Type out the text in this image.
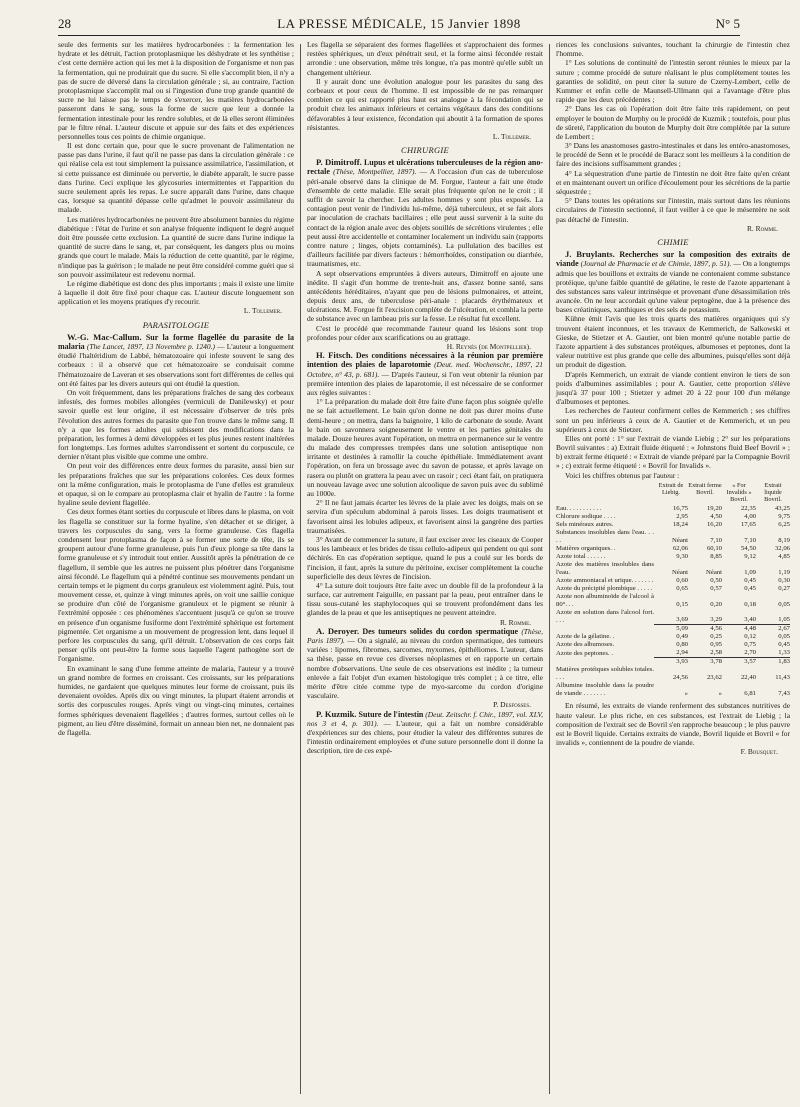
28	LA PRESSE MÉDICALE, 15 Janvier 1898	N° 5

seule des ferments sur les matières hydrocarbonées : la fermentation les hydrate et les détruit, l'action protoplasmique les déshydrate et les synthétise ; c'est cette dernière action qui les met à la disposition de l'organisme et non pas la fermentation, qui ne produirait que du sucre. Si elle s'accomplit bien, il n'y a pas de sucre de déversé dans la circulation générale ; si, au contraire, l'action protoplasmique s'accomplit mal ou si l'ingestion d'une trop grande quantité de sucre ne lui laisse pas le temps de s'exercer, les matières hydrocarbonées passeront dans le sang, sous la forme de sucre que leur a donnée la fermentation intestinale pour les rendre solubles, et de là elles seront éliminées par le filtre rénal. L'auteur discute et appuie sur des faits et des expériences personnelles tous ces points de chimie organique.

Il est donc certain que, pour que le sucre provenant de l'alimentation ne passe pas dans l'urine, il faut qu'il ne passe pas dans la circulation générale : ce qui réalise cela est tout simplement la puissance assimilatrice, l'assimilation, et si cette puissance est diminuée ou pervertie, le diabète apparaît, le sucre passe dans l'urine. Ceci explique les glycosuries intermittentes et l'apparition du sucre seulement après les repas. Le sucre apparaît dans l'urine, dans chaque cas, lorsque sa quantité dépasse celle qu'admet le pouvoir assimilateur du malade.

Les matières hydrocarbonées ne peuvent être absolument bannies du régime diabétique : l'état de l'urine et son analyse fréquente indiquent le degré auquel doit être poussée cette exclusion. La quantité de sucre dans l'urine indique la quantité de sucre dans le sang, et, par conséquent, les dangers plus ou moins grands que court le malade. Mais la réduction de cette quantité, par le régime, n'indique pas la guérison ; le malade ne peut être considéré comme guéri que si son pouvoir assimilateur est redevenu normal.

Le régime diabétique est donc des plus importants ; mais il existe une limite à laquelle il doit être fixé pour chaque cas. L'auteur discute longuement son application et les moyens pratiques d'y recourir.

L. Tollemer.

PARASITOLOGIE

W.-G. Mac-Callum. Sur la forme flagellée du parasite de la malaria (The Lancet, 1897, 13 Novembre p. 1240.) — L'auteur a longuement étudié l'haltéridium de Labbé, hématozoaire qui infeste souvent le sang des corbeaux : il a observé que cet hématozoaire se conduisait comme l'hématozoaire de Laveran et ses observations sont fort différentes de celles qui ont été faites par les divers auteurs qui ont étudié la question.

On voit fréquemment, dans les préparations fraîches de sang des corbeaux infestés, des formes mobiles allongées (vermiculi de Danilewsky) et pour savoir quelle est leur origine, il est nécessaire d'observer de très près l'évolution des autres formes du parasite que l'on trouve dans le même sang. Il n'y a que les formes adultes qui subissent des modifications dans la préparation, les formes à demi développées et les plus jeunes restent inaltérées fort longtemps. Les formes adultes s'arrondissent et sortent du corpuscule, ce dernier n'étant plus visible que comme une ombre.

On peut voir des différences entre deux formes du parasite, aussi bien sur les préparations fraîches que sur les préparations colorées. Ces deux formes ont la même configuration, mais le protoplasma de l'une d'elles est granuleux et opaque, si on le compare au protoplasma clair et hyalin de l'autre : la forme hyaline seule devient flagellée.

Ces deux formes étant sorties du corpuscule et libres dans le plasma, on voit les flagella se constituer sur la forme hyaline, s'en détacher et se diriger, à travers les corpuscules du sang, vers la forme granuleuse. Ces flagella condensent leur protoplasma de façon à se former une sorte de tête, ils se groupent autour d'une forme granuleuse, puis l'un d'eux plonge sa tête dans la forme granuleuse et s'y introduit tout entier. Aussitôt après la pénétration de ce flagellum, il semble que les autres ne puissent plus pénétrer dans l'organisme ainsi fécondé. Le flagellum qui a pénétré continue ses mouvements pendant un certain temps et le pigment du corps granuleux est violemment agité. Puis, tout mouvement cesse, et, quinze à vingt minutes après, on voit une saillie conique se produire d'un côté de l'organisme granuleux et le pigment se réunir à l'extrémité opposée : ces phénomènes s'accentuent jusqu'à ce qu'on se trouve en présence d'un organisme fusiforme dont l'extrémité sphérique est fortement pigmentée. Cet organisme a un mouvement de progression lent, dans lequel il perfore les corpuscules du sang, qu'il détruit. L'observation de ces corps fait penser qu'ils ont peut-être la forme sous laquelle l'agent pathogène sort de l'organisme.

En examinant le sang d'une femme atteinte de malaria, l'auteur y a trouvé un grand nombre de formes en croissant. Ces croissants, sur les préparations humides, ne gardaient que quelques minutes leur forme de croissant, puis ils devenaient ovoïdes. Après dix ou vingt minutes, la plupart étaient arrondis et sortis des corpuscules rouges. Après vingt ou vingt-cinq minutes, certaines formes sphériques devenaient flagellées ; d'autres formes, surtout celles où le pigment, au lieu d'être disséminé, formait un anneau bien net, ne donnaient pas de flagella.

Les flagella se séparaient des formes flagellées et s'approchaient des formes restées sphériques, un d'eux pénétrait seul, et la forme ainsi fécondée restait arrondie : une observation, même très longue, n'a pas montré qu'elle subît un changement ultérieur.

Il y aurait donc une évolution analogue pour les parasites du sang des corbeaux et pour ceux de l'homme. Il est impossible de ne pas remarquer combien ce qui est rapporté plus haut est analogue à la fécondation qui se produit chez les animaux inférieurs et certains végétaux dans des conditions défavorables à leur existence, fécondation qui aboutit à la formation de spores résistantes.

L. Tollemer.

CHIRURGIE

P. Dimitroff. Lupus et ulcérations tuberculeuses de la région ano-rectale (Thèse, Montpellier, 1897). — A l'occasion d'un cas de tuberculose péri-anale observé dans la clinique de M. Forgue, l'auteur a fait une étude d'ensemble de cette maladie. Elle serait plus fréquente qu'on ne le croit ; il suffit de savoir la chercher. Les adultes hommes y sont plus exposés. La contagion peut venir de l'individu lui-même, déjà tuberculeux, et se fait alors par inoculation de crachats bacillaires ; elle peut aussi survenir à la suite du contact de la région anale avec des objets souillés de sécrétions virulentes ; elle peut aussi être accidentelle et contaminer localement un individu sain (rapports contre nature ; linges, objets contaminés). La pullulation des bacilles est d'ailleurs facilitée par divers facteurs : hémorrhoïdes, constipation ou diarrhée, traumatismes, etc.

A sept observations empruntées à divers auteurs, Dimitroff en ajoute une inédite. Il s'agit d'un homme de trente-huit ans, d'assez bonne santé, sans antécédents héréditaires, n'ayant que peu de lésions pulmonaires, et atteint, depuis deux ans, de tuberculose péri-anale : placards érythémateux et ulcérations. M. Forgue fit l'excision complète de l'ulcération, et comhla la perte de substance avec un lambeau pris sur la fesse. Le résultat fut excellent.

C'est le procédé que recommande l'auteur quand les lésions sont trop profondes pour céder aux scarifications ou au grattage.

H. Reynès (de Montpellier).

H. Fitsch. Des conditions nécessaires à la réunion par première intention des plaies de laparotomie (Deut. med. Wochenschr., 1897, 21 Octobre, n° 43, p. 681). — D'après l'auteur, si l'on veut obtenir la réunion par première intention des plaies de laparotomie, il est nécessaire de se conformer aux règles suivantes :

1° La préparation du malade doit être faite d'une façon plus soignée qu'elle ne se fait actuellement. Le bain qu'on donne ne doit pas durer moins d'une demi-heure ; on mettra, dans la baignoire, 1 kilo de carbonate de soude. Avant le bain on savonnera soigneusement le ventre et les parties génitales du malade. Douze heures avant l'opération, on mettra en permanence sur le ventre du malade des compresses trempées dans une solution antiseptique non irritante et destinées à ramollir la couche épithéliale. Immédiatement avant l'opération, on fera un brossage avec du savon de potasse, et après lavage on rasera ou plutôt on grattera la peau avec un rasoir ; ceci étant fait, on pratiquera un nouveau lavage avec une solution alcoolique de savon puis avec du sublimé au 1000e.

2° Il ne faut jamais écarter les lèvres de la plaie avec les doigts, mais on se servira d'un spéculum abdominal à parois lisses. Les doigts traumatisent et favorisent ainsi les lobules adipeux, et favorisent ainsi la gangrène des parties traumatisées.

3° Avant de commencer la suture, il faut exciser avec les ciseaux de Cooper tous les lambeaux et les brides de tissu cellulo-adipeux qui pendent ou qui sont déchirés. En cas d'opération septique, quand le pus a coulé sur les bords de l'incision, il faut, après la suture du péritoine, exciser complètement la couche superficielle des deux lèvres de l'incision.

4° La suture doit toujours être faite avec un double fil de la profondeur à la surface, car autrement l'aiguille, en passant par la peau, peut entraîner dans le tissu sous-cutané les staphylocoques qui se trouvent profondément dans les glandes de la peau et que les antiseptiques ne peuvent atteindre.

R. Romme.

A. Deroyer. Des tumeurs solides du cordon spermatique (Thèse, Paris 1897). — On a signalé, au niveau du cordon spermatique, des tumeurs variées : lipomes, fibromes, sarcomes, myxomes, épithéliomes. L'auteur, dans sa thèse, passe en revue ces diverses néoplasmes et en rapporte un certain nombre d'observations. Une seule de ces observations est inédite ; la tumeur enlevée a fait l'objet d'un examen histologique très complet ; à ce titre, elle mérite d'être citée comme type de myo-sarcome du cordon d'origine vasculaire.

P. Desfosses.

P. Kuzmik. Suture de l'intestin (Deut. Zeitschr. f. Chir., 1897, vol. XLV, nos 3 et 4, p. 301). — L'auteur, qui a fait un nombre considérable d'expériences sur des chiens, pour étudier la valeur des différentes sutures de l'intestin ordinairement employées et d'une suture personnelle dont il donne la description, tire de ces expé-

riences les conclusions suivantes, touchant la chirurgie de l'intestin chez l'homme.

1° Les solutions de continuité de l'intestin seront réunies le mieux par la suture ; comme procédé de suture réalisant le plus complètement toutes les garanties de solidité, on peut citer la suture de Czerny-Lembert, celle de Kummer et enfin celle de Maunsell-Ullmann qui a l'avantage d'être plus rapide que les deux précédentes ;

2° Dans les cas où l'opération doit être faite très rapidement, on peut employer le bouton de Murphy ou le procédé de Kuzmik ; toutefois, pour plus de sûreté, l'application du bouton de Murphy doit être complétée par la suture de Lembert ;

3° Dans les anastomoses gastro-intestinales et dans les entéro-anastomoses, le procédé de Senn et le procédé de Baracz sont les meilleurs à la condition de faire des incisions suffisamment grandes ;

4° La séquestration d'une partie de l'intestin ne doit être faite qu'en créant et en maintenant ouvert un orifice d'écoulement pour les sécrétions de la partie séquestrée ;

5° Dans toutes les opérations sur l'intestin, mais surtout dans les réunions circulaires de l'intestin sectionné, il faut veiller à ce que le mésentère ne soit pas détaché de l'intestin.

R. Romme.

CHIMIE

J. Bruylants. Recherches sur la composition des extraits de viande (Journal de Pharmacie et de Chimie, 1897, p. 51). — On a longtemps admis que les bouillons et extraits de viande ne contenaient comme substance protéique, qu'une faible quantité de gélatine, le reste de l'azote appartenant à des substances sans valeur intrinsèque et provenant d'une désassimilation très avancée. On ne leur accordait qu'une valeur peptogène, due à la présence des bases créatiniques, xanthiques et des sels de potassium.

Kühne émit l'avis que les trois quarts des matières organiques qui s'y trouvent étaient inconnues, et les travaux de Kemmerich, de Salkowski et Gieske, de Stietzer et A. Gautier, ont bien montré qu'une notable partie de l'azote appartient à des substances protéiques, albumoses et peptones, dont la valeur nutritive est plus grande que celle des albumines, puisqu'elles sont déjà un produit de digestion.

D'après Kemmerich, un extrait de viande contient environ le tiers de son poids d'albumines assimilables ; pour A. Gautier, cette proportion s'élève jusqu'à 37 pour 100 ; Stietzer y admet 20 à 22 pour 100 d'un mélange d'albumoses et peptones.

Les recherches de l'auteur confirment celles de Kemmerich ; ses chiffres sont un peu inférieurs à ceux de A. Gautier et de Kemmerich, et un peu supérieurs à ceux de Stietzer.

Elles ont porté : 1° sur l'extrait de viande Liebig ; 2° sur les préparations Bovril suivantes : a) Extrait fluide étiqueté : « Johnstons fluid Beef Bovril » ; b) extrait ferme étiqueté : « Extrait de viande préparé par la Compagnie Bovril » ; c) extrait ferme étiqueté : « Bovril for Invalids ».

Voici les chiffres obtenus par l'auteur :

	Extrait de Liebig.	Extrait ferme Bovril.	« For Invalids » Bovril.	Extrait liquide Bovril.
Eau. . . . . . . . . . .	16,75	19,20	22,35	43,25
Chlorure sodique . . . .	2,95	4,50	4,00	9,75
Sels minéraux autres.	18,24	16,20	17,65	6,25
Substances insolubles dans l'eau. . . . .	Néant	7,10	7,10	8,19
Matières organiques. .	62,06	60,10	54,50	32,06
Azote total . . . . . .	9,30	8,85	9,12	4,85
Azote des matières insolubles dans l'eau.	Néant	Néant	1,09	1,19
Azote ammoniacal et urique. . . . . . .	0,60	0,50	0,45	0,30
Azote du précipité plombique . . . . .	0,65	0,57	0,45	0,27
Azote non albuminoïde de l'alcool à 80°. . .	0,15	0,20	0,18	0,05
Azote en solution dans l'alcool fort. . . .	3,69	3,29	3,40	1,05
	5,09	4,56	4,48	2,67
Azote de la gélatine. .	0,49	0,25	0,12	0,05
Azote des albumoses.	0,80	0,95	0,75	0,45
Azote des peptones. .	2,94	2,58	2,70	1,33
	3,93	3,78	3,57	1,83
Matières protéiques solubles totales. . . .	24,56	23,62	22,40	11,43
Albumine insoluble dans la poudre de viande . . . . . . .	»	»	6,81	7,43

En résumé, les extraits de viande renferment des substances nutritives de haute valeur. Le plus riche, en ces substances, est l'extrait de Liebig ; la composition de l'extrait sec de Bovril s'en rapproche beaucoup ; le plus pauvre est le Bovril liquide. Certains extraits de viande, Bovril liquide et Bovril « for invalids », contiennent de la poudre de viande.

F. Bousquet.
